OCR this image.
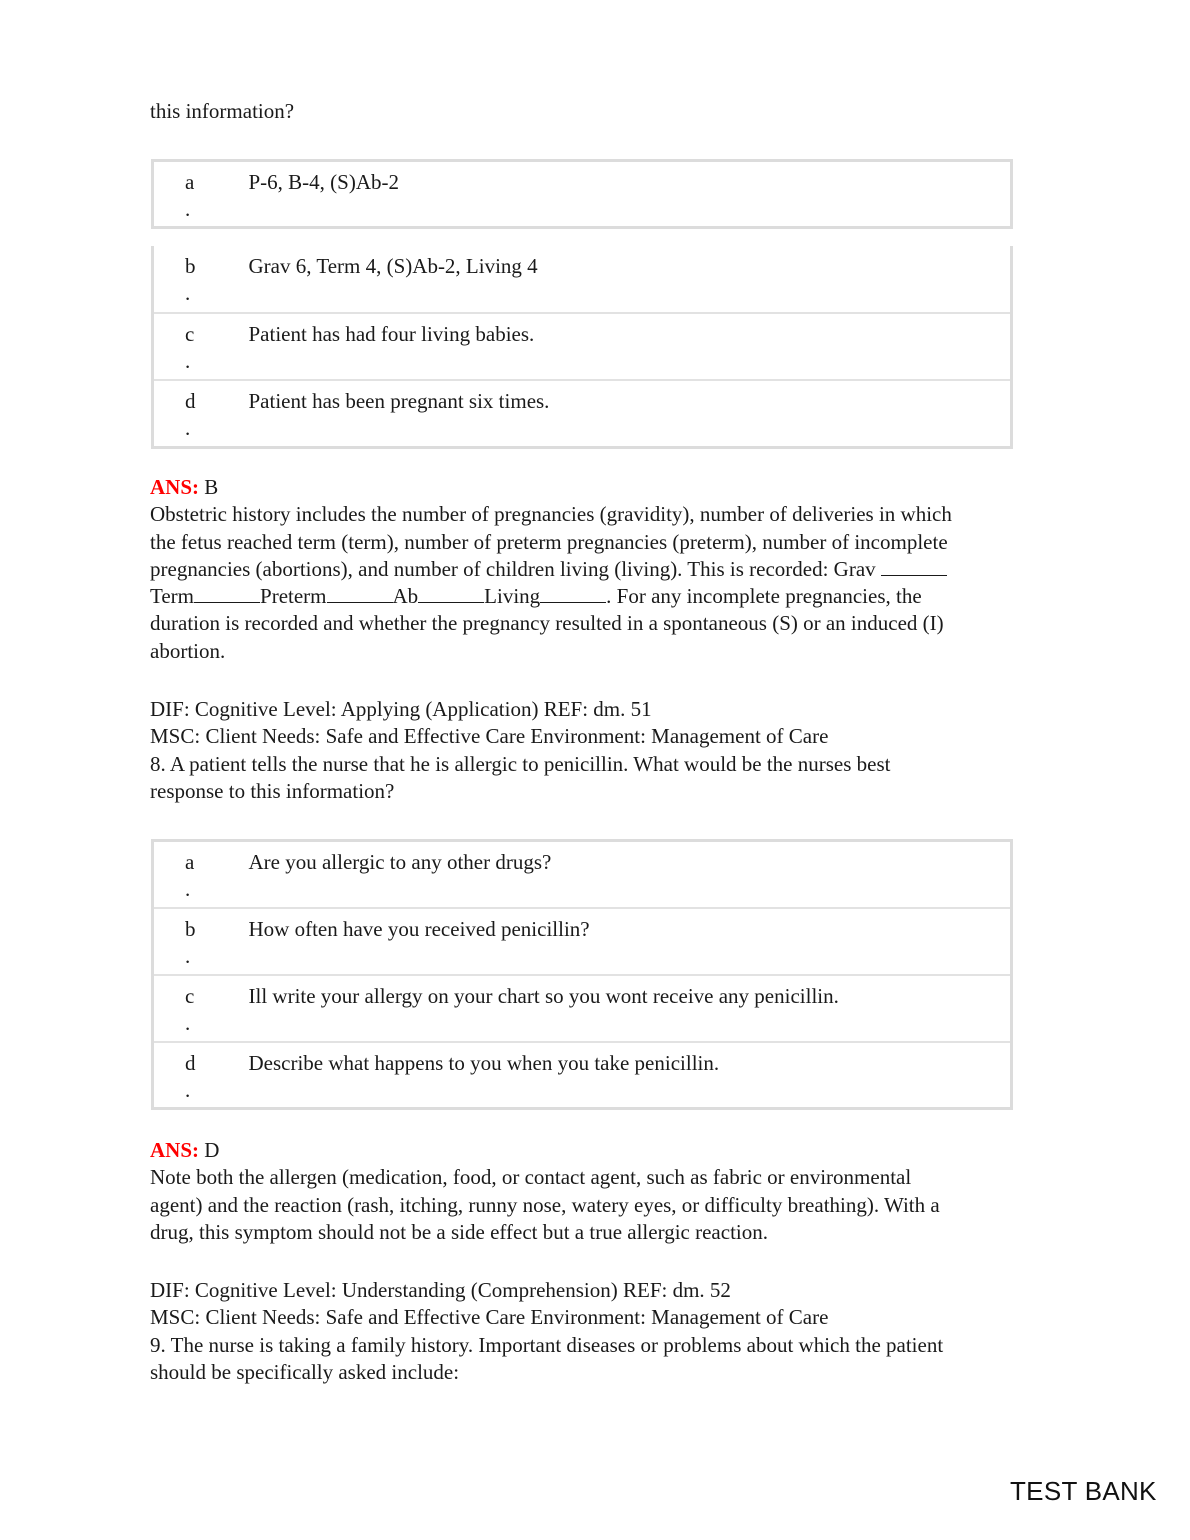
this information?

a
.
	P-6, B-4, (S)Ab-2
b
.	Grav 6, Term 4, (S)Ab-2, Living 4
c
.	Patient has had four living babies.
d
.	Patient has been pregnant six times.
ANS: B
Obstetric history includes the number of pregnancies (gravidity), number of deliveries in which
the fetus reached term (term), number of preterm pregnancies (preterm), number of incomplete
pregnancies (abortions), and number of children living (living). This is recorded: Grav
Term	Preterm	Ab	Living	. For any incomplete pregnancies, the
duration is recorded and whether the pregnancy resulted in a spontaneous (S) or an induced (I)
abortion.
DIF: Cognitive Level: Applying (Application) REF: dm. 51
MSC: Client Needs: Safe and Effective Care Environment: Management of Care
8. A patient tells the nurse that he is allergic to penicillin. What would be the nurses best
response to this information?
a
.	Are you allergic to any other drugs?
b
.	How often have you received penicillin?
c
.	Ill write your allergy on your chart so you wont receive any penicillin.
d
.	Describe what happens to you when you take penicillin.
ANS: D
Note both the allergen (medication, food, or contact agent, such as fabric or environmental
agent) and the reaction (rash, itching, runny nose, watery eyes, or difficulty breathing). With a
drug, this symptom should not be a side effect but a true allergic reaction.
DIF: Cognitive Level: Understanding (Comprehension) REF: dm. 52
MSC: Client Needs: Safe and Effective Care Environment: Management of Care
9. The nurse is taking a family history. Important diseases or problems about which the patient
should be specifically asked include:
TEST BANK
